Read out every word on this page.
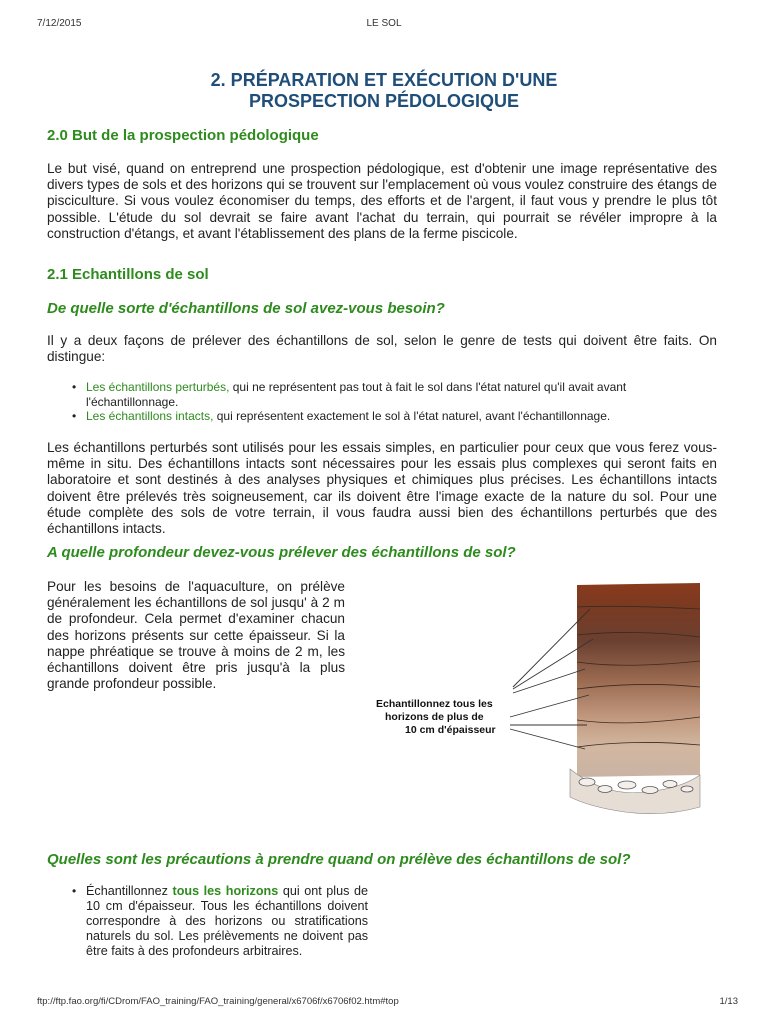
7/12/2015	LE SOL
2. PRÉPARATION ET EXÉCUTION D'UNE
PROSPECTION PÉDOLOGIQUE
2.0 But de la prospection pédologique

Le but visé, quand on entreprend une prospection pédologique, est d'obtenir une image représentative des divers types de sols et des horizons qui se trouvent sur l'emplacement où vous voulez construire des étangs de pisciculture. Si vous voulez économiser du temps, des efforts et de l'argent, il faut vous y prendre le plus tôt possible. L'étude du sol devrait se faire avant l'achat du terrain, qui pourrait se révéler impropre à la construction d'étangs, et avant l'établissement des plans de la ferme piscicole.

2.1 Echantillons de sol
De quelle sorte d'échantillons de sol avez-vous besoin?

Il y a deux façons de prélever des échantillons de sol, selon le genre de tests qui doivent être faits. On distingue:

• Les échantillons perturbés, qui ne représentent pas tout à fait le sol dans l'état naturel qu'il avait avant l'échantillonnage.
• Les échantillons intacts, qui représentent exactement le sol à l'état naturel, avant l'échantillonnage.

Les échantillons perturbés sont utilisés pour les essais simples, en particulier pour ceux que vous ferez vous-même in situ. Des échantillons intacts sont nécessaires pour les essais plus complexes qui seront faits en laboratoire et sont destinés à des analyses physiques et chimiques plus précises. Les échantillons intacts doivent être prélevés très soigneusement, car ils doivent être l'image exacte de la nature du sol. Pour une étude complète des sols de votre terrain, il vous faudra aussi bien des échantillons perturbés que des échantillons intacts.

A quelle profondeur devez-vous prélever des échantillons de sol?

Pour les besoins de l'aquaculture, on prélève généralement les échantillons de sol jusqu' à 2 m de profondeur. Cela permet d'examiner chacun des horizons présents sur cette épaisseur. Si la nappe phréatique se trouve à moins de 2 m, les échantillons doivent être pris jusqu'à la plus grande profondeur possible.

Echantillonnez tous les
horizons de plus de
10 cm d'épaisseur
Quelles sont les précautions à prendre quand on prélève des échantillons de sol?
• Échantillonnez tous les horizons qui ont plus de 10 cm d'épaisseur. Tous les échantillons doivent correspondre à des horizons ou stratifications naturels du sol. Les prélèvements ne doivent pas être faits à des profondeurs arbitraires.
ftp://ftp.fao.org/fi/CDrom/FAO_training/FAO_training/general/x6706f/x6706f02.htm#top	1/13
